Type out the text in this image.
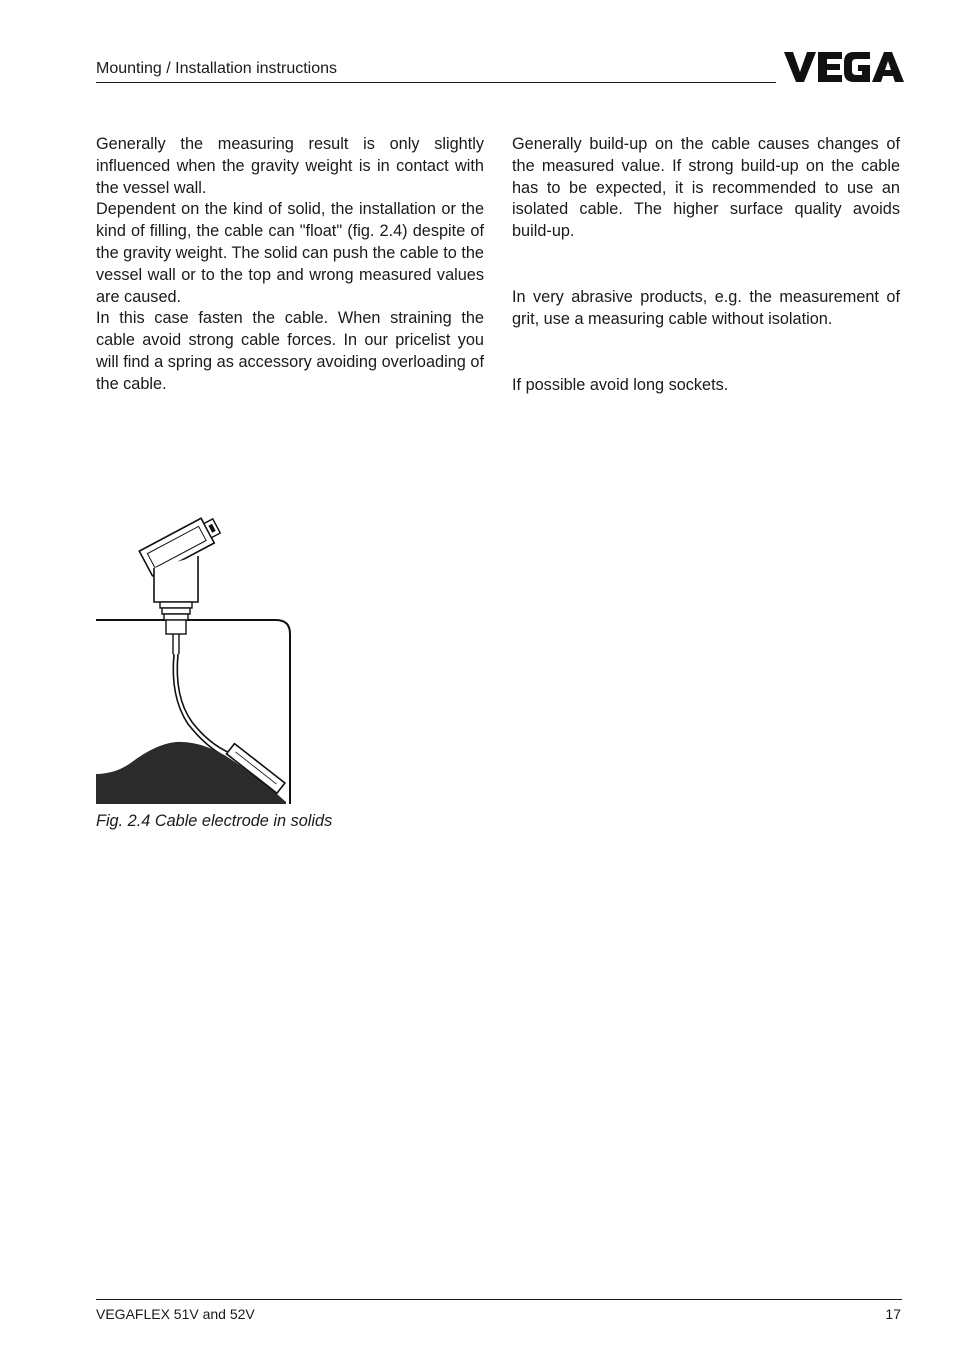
Mounting / Installation instructions

Generally the measuring result is only slightly influenced when the gravity weight is in contact with the vessel wall.

Dependent on the kind of solid, the installation or the kind of filling, the cable can "float" (fig. 2.4) despite of the gravity weight. The solid can push the cable to the vessel wall or to the top and wrong measured values are caused.

In this case fasten the cable. When straining the cable avoid strong cable forces. In our pricelist you will find a spring as accessory avoiding overloading of the cable.

Generally build-up on the cable causes changes of the measured value. If strong build-up on the cable has to be expected, it is recommended to use an isolated cable. The higher surface quality avoids build-up.

In very abrasive products, e.g. the measurement of grit, use a measuring cable without isolation.

If possible avoid long sockets.

Fig. 2.4 Cable electrode in solids
VEGAFLEX 51V and 52V	17
